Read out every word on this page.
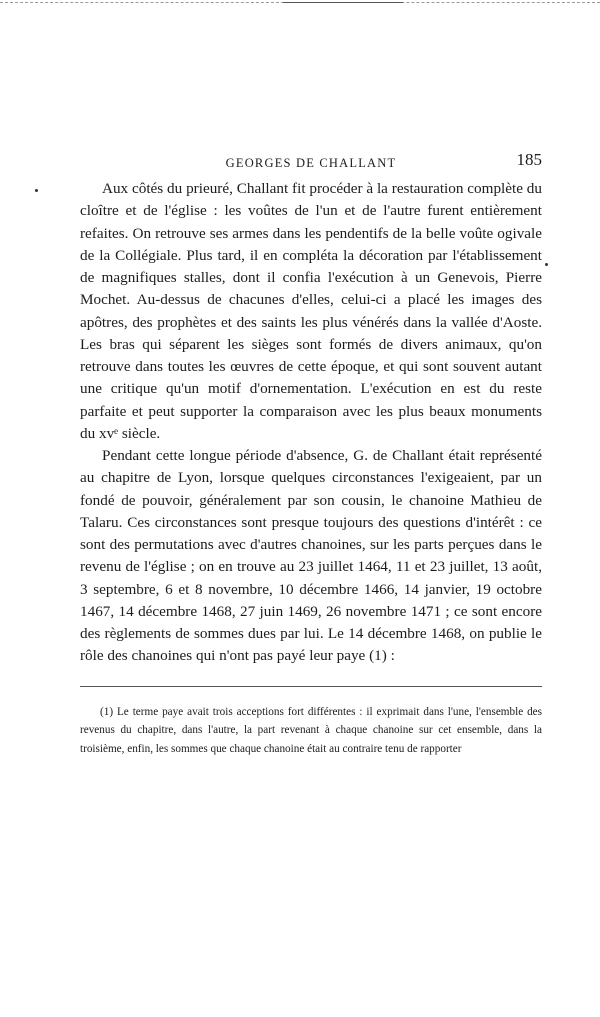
GEORGES DE CHALLANT	185

Aux côtés du prieuré, Challant fit procéder à la restauration complète du cloître et de l'église : les voûtes de l'un et de l'autre furent entièrement refaites. On retrouve ses armes dans les pendentifs de la belle voûte ogivale de la Collégiale. Plus tard, il en compléta la décoration par l'établissement de magnifiques stalles, dont il confia l'exécution à un Genevois, Pierre Mochet. Au-dessus de chacunes d'elles, celui-ci a placé les images des apôtres, des prophètes et des saints les plus vénérés dans la vallée d'Aoste. Les bras qui séparent les sièges sont formés de divers animaux, qu'on retrouve dans toutes les œuvres de cette époque, et qui sont souvent autant une critique qu'un motif d'ornementation. L'exécution en est du reste parfaite et peut supporter la comparaison avec les plus beaux monuments du xvᵉ siècle.

Pendant cette longue période d'absence, G. de Challant était représenté au chapitre de Lyon, lorsque quelques circonstances l'exigeaient, par un fondé de pouvoir, généralement par son cousin, le chanoine Mathieu de Talaru. Ces circonstances sont presque toujours des questions d'intérêt : ce sont des permutations avec d'autres chanoines, sur les parts perçues dans le revenu de l'église ; on en trouve au 23 juillet 1464, 11 et 23 juillet, 13 août, 3 septembre, 6 et 8 novembre, 10 décembre 1466, 14 janvier, 19 octobre 1467, 14 décembre 1468, 27 juin 1469, 26 novembre 1471 ; ce sont encore des règlements de sommes dues par lui. Le 14 décembre 1468, on publie le rôle des chanoines qui n'ont pas payé leur paye (1) :

(1) Le terme paye avait trois acceptions fort différentes : il exprimait dans l'une, l'ensemble des revenus du chapitre, dans l'autre, la part revenant à chaque chanoine sur cet ensemble, dans la troisième, enfin, les sommes que chaque chanoine était au contraire tenu de rapporter
